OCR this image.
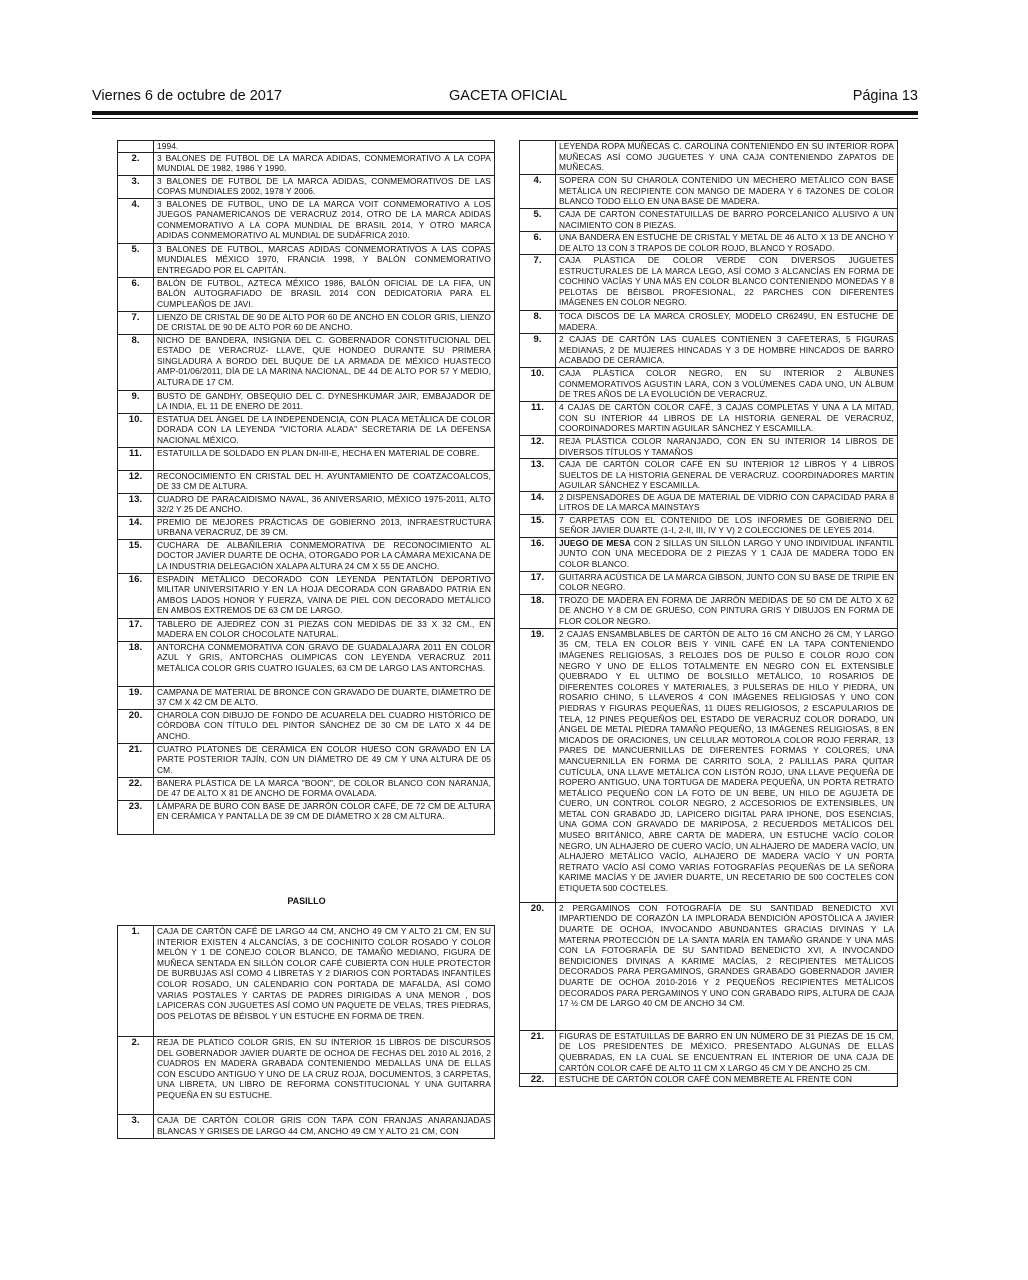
Viernes 6 de octubre de 2017	GACETA OFICIAL	Página 13
	1994.
2.	3 BALONES DE FUTBOL DE LA MARCA ADIDAS, CONMEMORATIVO A LA COPA MUNDIAL DE 1982, 1986 Y 1990.
3.	3 BALONES DE FUTBOL DE LA MARCA ADIDAS, CONMEMORATIVOS DE LAS COPAS MUNDIALES 2002, 1978 Y 2006.
4.	3 BALONES DE FUTBOL, UNO DE LA MARCA VOIT CONMEMORATIVO A LOS JUEGOS PANAMERICANOS DE VERACRUZ 2014, OTRO DE LA MARCA ADIDAS CONMEMORATIVO A LA COPA MUNDIAL DE BRASIL 2014, Y OTRO MARCA ADIDAS CONMEMORATIVO AL MUNDIAL DE SUDÁFRICA 2010.
5.	3 BALONES DE FUTBOL, MARCAS ADIDAS CONMEMORATIVOS A LAS COPAS MUNDIALES MÉXICO 1970, FRANCIA 1998, Y BALÓN CONMEMORATIVO ENTREGADO POR EL CAPITÁN.
6.	BALÓN DE FUTBOL, AZTECA MÉXICO 1986, BALÓN OFICIAL DE LA FIFA, UN BALÓN AUTOGRAFIADO DE BRASIL 2014 CON DEDICATORIA PARA EL CUMPLEAÑOS DE JAVI.
7.	LIENZO DE CRISTAL DE 90 DE ALTO POR 60 DE ANCHO EN COLOR GRIS, LIENZO DE CRISTAL DE 90 DE ALTO POR 60 DE ANCHO.
8.	NICHO DE BANDERA, INSIGNIA DEL C. GOBERNADOR CONSTITUCIONAL DEL ESTADO DE VERACRUZ- LLAVE, QUE HONDEO DURANTE SU PRIMERA SINGLADURA A BORDO DEL BUQUE DE LA ARMADA DE MÉXICO HUASTECO AMP-01/06/2011, DÍA DE LA MARINA NACIONAL, DE 44 DE ALTO POR 57 Y MEDIO, ALTURA DE 17 CM.
9.	BUSTO DE GANDHY, OBSEQUIO DEL C. DYNESHKUMAR JAIR, EMBAJADOR DE LA INDIA, EL 11 DE ENERO DE 2011.
10.	ESTATUA DEL ÁNGEL DE LA INDEPENDENCIA, CON PLACA METÁLICA DE COLOR DORADA CON LA LEYENDA "VICTORIA ALADA" SECRETARIA DE LA DEFENSA NACIONAL MÉXICO.
11.	ESTATUILLA DE SOLDADO EN PLAN DN-III-E, HECHA EN MATERIAL DE COBRE.
12.	RECONOCIMIENTO EN CRISTAL DEL H. AYUNTAMIENTO DE COATZACOALCOS, DE 33 CM DE ALTURA.
13.	CUADRO DE PARACAIDISMO NAVAL, 36 ANIVERSARIO, MÉXICO 1975-2011, ALTO 32/2 Y 25 DE ANCHO.
14.	PREMIO DE MEJORES PRÁCTICAS DE GOBIERNO 2013, INFRAESTRUCTURA URBANA VERACRUZ, DE 39 CM.
15.	CUCHARA DE ALBAÑILERIA CONMEMORATIVA DE RECONOCIMIENTO AL DOCTOR JAVIER DUARTE DE OCHA, OTORGADO POR LA CÁMARA MEXICANA DE LA INDUSTRIA DELEGACIÓN XALAPA ALTURA 24 CM X 55 DE ANCHO.
16.	ESPADIN METÁLICO DECORADO CON LEYENDA PENTATLÓN DEPORTIVO MILITAR UNIVERSITARIO Y EN LA HOJA DECORADA CON GRABADO PATRIA EN AMBOS LADOS HONOR Y FUERZA, VAINA DE PIEL CON DECORADO METÁLICO EN AMBOS EXTREMOS DE 63 CM DE LARGO.
17.	TABLERO DE AJEDREZ CON 31 PIEZAS CON MEDIDAS DE 33 X 32 CM., EN MADERA EN COLOR CHOCOLATE NATURAL.
18.	ANTORCHA CONMEMORATIVA CON GRAVO DE GUADALAJARA 2011 EN COLOR AZUL Y GRIS, ANTORCHAS OLIMPICAS CON LEYENDA VERACRUZ 2011 METÁLICA COLOR GRIS CUATRO IGUALES, 63 CM DE LARGO LAS ANTORCHAS.
19.	CAMPANA DE MATERIAL DE BRONCE CON GRAVADO DE DUARTE, DIÁMETRO DE 37 CM X 42 CM DE ALTO.
20.	CHAROLA CON DIBUJO DE FONDO DE ACUARELA DEL CUADRO HISTÓRICO DE CÓRDOBA CON TÍTULO DEL PINTOR SÁNCHEZ DE 30 CM DE LATO X 44 DE ANCHO.
21.	CUATRO PLATONES DE CERÁMICA EN COLOR HUESO CON GRAVADO EN LA PARTE POSTERIOR TAJÍN, CON UN DIÁMETRO DE 49 CM Y UNA ALTURA DE 05 CM.
22.	BANERA PLÁSTICA DE LA MARCA "BOON", DE COLOR BLANCO CON NARANJA, DE 47 DE ALTO X 81 DE ANCHO DE FORMA OVALADA.
23.	LÁMPARA DE BURO CON BASE DE JARRÓN COLOR CAFÉ, DE 72 CM DE ALTURA EN CERÁMICA Y PANTALLA DE 39 CM DE DIÁMETRO X 28 CM ALTURA.
PASILLO
1.	CAJA DE CARTÓN CAFÉ DE LARGO 44 CM, ANCHO 49 CM Y ALTO 21 CM, EN SU INTERIOR EXISTEN 4 ALCANCÍAS, 3 DE COCHINITO COLOR ROSADO Y COLOR MELÓN Y 1 DE CONEJO COLOR BLANCO, DE TAMAÑO MEDIANO, FIGURA DE MUÑECA SENTADA EN SILLÓN COLOR CAFÉ CUBIERTA CON HULE PROTECTOR DE BURBUJAS ASÍ COMO 4 LIBRETAS Y 2 DIARIOS CON PORTADAS INFANTILES COLOR ROSADO, UN CALENDARIO CON PORTADA DE MAFALDA, ASÍ COMO VARIAS POSTALES Y CARTAS DE PADRES DIRIGIDAS A UNA MENOR , DOS LAPICERAS CON JUGUETES ASÍ COMO UN PAQUETE DE VELAS, TRES PIEDRAS, DOS PELOTAS DE BÉISBOL Y UN ESTUCHE EN FORMA DE TREN.
2.	REJA DE PLATICO COLOR GRIS, EN SU INTERIOR 15 LIBROS DE DISCURSOS DEL GOBERNADOR JAVIER DUARTE DE OCHOA DE FECHAS DEL 2010 AL 2016, 2 CUADROS EN MADERA GRABADA CONTENIENDO MEDALLAS UNA DE ELLAS CON ESCUDO ANTIGUO Y UNO DE LA CRUZ ROJA, DOCUMENTOS, 3 CARPETAS, UNA LIBRETA, UN LIBRO DE REFORMA CONSTITUCIONAL Y UNA GUITARRA PEQUEÑA EN SU ESTUCHE.
3.	CAJA DE CARTÓN COLOR GRIS CON TAPA CON FRANJAS ANARANJADAS BLANCAS Y GRISES DE LARGO 44 CM, ANCHO 49 CM Y ALTO 21 CM, CON
	LEYENDA ROPA MUÑECAS C. CAROLINA CONTENIENDO EN SU INTERIOR ROPA MUÑECAS ASÍ COMO JUGUETES Y UNA CAJA CONTENIENDO ZAPATOS DE MUÑECAS.
4.	SOPERA CON SU CHAROLA CONTENIDO UN MECHERO METÁLICO CON BASE METÁLICA UN RECIPIENTE CON MANGO DE MADERA Y 6 TAZONES DE COLOR BLANCO TODO ELLO EN UNA BASE DE MADERA.
5.	CAJA DE CARTON CONESTATUILLAS DE BARRO PORCELANICO ALUSIVO A UN NACIMIENTO CON 8 PIEZAS.
6.	UNA BANDERA EN ESTUCHE DE CRISTAL Y METAL DE 46 ALTO X 13 DE ANCHO Y DE ALTO 13 CON 3 TRAPOS DE COLOR ROJO, BLANCO Y ROSADO.
7.	CAJA PLÁSTICA DE COLOR VERDE CON DIVERSOS JUGUETES ESTRUCTURALES DE LA MARCA LEGO, ASÍ COMO 3 ALCANCÍAS EN FORMA DE COCHINO VACÍAS Y UNA MÁS EN COLOR BLANCO CONTENIENDO MONEDAS Y 8 PELOTAS DE BÉISBOL PROFESIONAL, 22 PARCHES CON DIFERENTES IMÁGENES EN COLOR NEGRO.
8.	TOCA DISCOS DE LA MARCA CROSLEY, MODELO CR6249U, EN ESTUCHE DE MADERA.
9.	2 CAJAS DE CARTÓN LAS CUALES CONTIENEN 3 CAFETERAS, 5 FIGURAS MEDIANAS, 2 DE MUJERES HINCADAS Y 3 DE HOMBRE HINCADOS DE BARRO ACABADO DE CERÁMICA.
10.	CAJA PLÁSTICA COLOR NEGRO, EN SU INTERIOR 2 ÁLBUNES CONMEMORATIVOS AGUSTIN LARA, CON 3 VOLÚMENES CADA UNO, UN ÁLBUM DE TRES AÑOS DE LA EVOLUCIÓN DE VERACRUZ.
11.	4 CAJAS DE CARTÓN COLOR CAFÉ, 3 CAJAS COMPLETAS Y UNA A LA MITAD, CON SU INTERIOR 44 LIBROS DE LA HISTORIA GENERAL DE VERACRUZ, COORDINADORES MARTIN AGUILAR SÁNCHEZ Y ESCAMILLA.
12.	REJA PLÁSTICA COLOR NARANJADO, CON EN SU INTERIOR 14 LIBROS DE DIVERSOS TÍTULOS Y TAMAÑOS
13.	CAJA DE CARTÓN COLOR CAFÉ EN SU INTERIOR 12 LIBROS Y 4 LIBROS SUELTOS DE LA HISTORIA GENERAL DE VERACRUZ. COORDINADORES MARTIN AGUILAR SÁNCHEZ Y ESCAMILLA.
14.	2 DISPENSADORES DE AGUA DE MATERIAL DE VIDRIO CON CAPACIDAD PARA 8 LITROS DE LA MARCA MAINSTAYS
15.	7 CARPETAS CON EL CONTENIDO DE LOS INFORMES DE GOBIERNO DEL SEÑOR JAVIER DUARTE (1-I, 2-II, III, IV Y V) 2 COLECCIONES DE LEYES 2014.
16.	JUEGO DE MESA CON 2 SILLAS UN SILLÓN LARGO Y UNO INDIVIDUAL INFANTIL JUNTO CON UNA MECEDORA DE 2 PIEZAS Y 1 CAJA DE MADERA TODO EN COLOR BLANCO.
17.	GUITARRA ACÚSTICA DE LA MARCA GIBSON, JUNTO CON SU BASE DE TRIPIE EN COLOR NEGRO.
18.	TROZO DE MADERA EN FORMA DE JARRÓN MEDIDAS DE 50 CM DE ALTO X 62 DE ANCHO Y 8 CM DE GRUESO, CON PINTURA GRIS Y DIBUJOS EN FORMA DE FLOR COLOR NEGRO.
19.	2 CAJAS ENSAMBLABLES DE CARTÓN DE ALTO 16 CM ANCHO 26 CM, Y LARGO 35 CM, TELA EN COLOR BEIS Y VINIL CAFÉ EN LA TAPA CONTENIENDO IMÁGENES RELIGIOSAS, 3 RELOJES DOS DE PULSO E COLOR ROJO CON NEGRO Y UNO DE ELLOS TOTALMENTE EN NEGRO CON EL EXTENSIBLE QUEBRADO Y EL ULTIMO DE BOLSILLO METÁLICO, 10 ROSARIOS DE DIFERENTES COLORES Y MATERIALES, 3 PULSERAS DE HILO Y PIEDRA, UN ROSARIO CHINO, 5 LLAVEROS 4 CON IMÁGENES RELIGIOSAS Y UNO CON PIEDRAS Y FIGURAS PEQUEÑAS, 11 DIJES RELIGIOSOS, 2 ESCAPULARIOS DE TELA, 12 PINES PEQUEÑOS DEL ESTADO DE VERACRUZ COLOR DORADO, UN ÁNGEL DE METAL PIEDRA TAMAÑO PEQUEÑO, 13 IMÁGENES RELIGIOSAS, 8 EN MICADOS DE ORACIONES, UN CELULAR MOTOROLA COLOR ROJO FERRAR, 13 PARES DE MANCUERNILLAS DE DIFERENTES FORMAS Y COLORES, UNA MANCUERNILLA EN FORMA DE CARRITO SOLA, 2 PALILLAS PARA QUITAR CUTÍCULA, UNA LLAVE METÁLICA CON LISTÓN ROJO, UNA LLAVE PEQUEÑA DE ROPERO ANTIGUO, UNA TORTUGA DE MADERA PEQUEÑA, UN PORTA RETRATO METÁLICO PEQUEÑO CON LA FOTO DE UN BEBE, UN HILO DE AGUJETA DE CUERO, UN CONTROL COLOR NEGRO, 2 ACCESORIOS DE EXTENSIBLES, UN METAL CON GRABADO JD, LAPICERO DIGITAL PARA IPHONE, DOS ESENCIAS, UNA GOMA CON GRAVADO DE MARIPOSA, 2 RECUERDOS METÁLICOS DEL MUSEO BRITÁNICO, ABRE CARTA DE MADERA, UN ESTUCHE VACÍO COLOR NEGRO, UN ALHAJERO DE CUERO VACÍO, UN ALHAJERO DE MADERA VACÍO, UN ALHAJERO METÁLICO VACÍO, ALHAJERO DE MADERA VACÍO Y UN PORTA RETRATO VACÍO ASÍ COMO VARIAS FOTOGRAFÍAS PEQUEÑAS DE LA SEÑORA KARIME MACÍAS Y DE JAVIER DUARTE, UN RECETARIO DE 500 COCTELES CON ETIQUETA 500 COCTELES.
20.	2 PERGAMINOS CON FOTOGRAFÍA DE SU SANTIDAD BENEDICTO XVI IMPARTIENDO DE CORAZÓN LA IMPLORADA BENDICIÓN APOSTÓLICA A JAVIER DUARTE DE OCHOA, INVOCANDO ABUNDANTES GRACIAS DIVINAS Y LA MATERNA PROTECCIÓN DE LA SANTA MARÍA EN TAMAÑO GRANDE Y UNA MÁS CON LA FOTOGRAFÍA DE SU SANTIDAD BENEDICTO XVI, A INVOCANDO BENDICIONES DIVINAS A KARIME MACÍAS, 2 RECIPIENTES METÁLICOS DECORADOS PARA PERGAMINOS, GRANDES GRABADO GOBERNADOR JAVIER DUARTE DE OCHOA 2010-2016 Y 2 PEQUEÑOS RECIPIENTES METÁLICOS DECORADOS PARA PERGAMINOS Y UNO CON GRABADO RIPS, ALTURA DE CAJA 17 ½ CM DE LARGO 40 CM DE ANCHO 34 CM.
21.	FIGURAS DE ESTATUILLAS DE BARRO EN UN NÚMERO DE 31 PIEZAS DE 15 CM, DE LOS PRESIDENTES DE MÉXICO. PRESENTADO ALGUNAS DE ELLAS QUEBRADAS, EN LA CUAL SE ENCUENTRAN EL INTERIOR DE UNA CAJA DE CARTÓN COLOR CAFÉ DE ALTO 11 CM X LARGO 45 CM Y DE ANCHO 25 CM.
22.	ESTUCHE DE CARTÓN COLOR CAFÉ CON MEMBRETE AL FRENTE CON
